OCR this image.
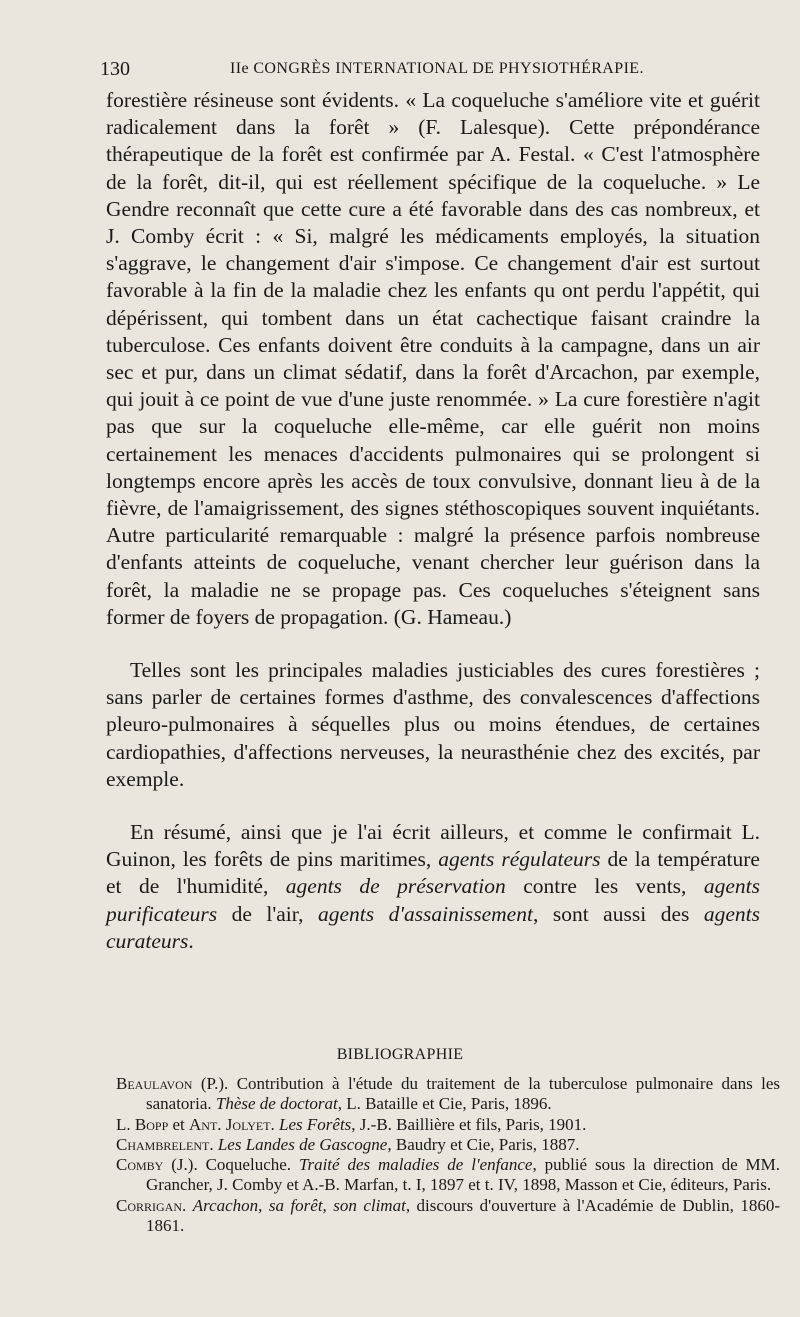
130	IIe CONGRÈS INTERNATIONAL DE PHYSIOTHÉRAPIE.

forestière résineuse sont évidents. « La coqueluche s'améliore vite et guérit radicalement dans la forêt » (F. Lalesque). Cette prépondérance thérapeutique de la forêt est confirmée par A. Festal. « C'est l'atmosphère de la forêt, dit-il, qui est réellement spécifique de la coqueluche. » Le Gendre reconnaît que cette cure a été favorable dans des cas nombreux, et J. Comby écrit : « Si, malgré les médicaments employés, la situation s'aggrave, le changement d'air s'impose. Ce changement d'air est surtout favorable à la fin de la maladie chez les enfants qu ont perdu l'appétit, qui dépérissent, qui tombent dans un état cachectique faisant craindre la tuberculose. Ces enfants doivent être conduits à la campagne, dans un air sec et pur, dans un climat sédatif, dans la forêt d'Arcachon, par exemple, qui jouit à ce point de vue d'une juste renommée. » La cure forestière n'agit pas que sur la coqueluche elle-même, car elle guérit non moins certainement les menaces d'accidents pulmonaires qui se prolongent si longtemps encore après les accès de toux convulsive, donnant lieu à de la fièvre, de l'amaigrissement, des signes stéthoscopiques souvent inquiétants. Autre particularité remarquable : malgré la présence parfois nombreuse d'enfants atteints de coqueluche, venant chercher leur guérison dans la forêt, la maladie ne se propage pas. Ces coqueluches s'éteignent sans former de foyers de propagation. (G. Hameau.)

Telles sont les principales maladies justiciables des cures forestières ; sans parler de certaines formes d'asthme, des convalescences d'affections pleuro-pulmonaires à séquelles plus ou moins étendues, de certaines cardiopathies, d'affections nerveuses, la neurasthénie chez des excités, par exemple.

En résumé, ainsi que je l'ai écrit ailleurs, et comme le confirmait L. Guinon, les forêts de pins maritimes, agents régulateurs de la température et de l'humidité, agents de préservation contre les vents, agents purificateurs de l'air, agents d'assainissement, sont aussi des agents curateurs.

BIBLIOGRAPHIE

Beaulavon (P.). Contribution à l'étude du traitement de la tuberculose pulmonaire dans les sanatoria. Thèse de doctorat, L. Bataille et Cie, Paris, 1896.

L. Bopp et Ant. Jolyet. Les Forêts, J.-B. Baillière et fils, Paris, 1901.

Chambrelent. Les Landes de Gascogne, Baudry et Cie, Paris, 1887.

Comby (J.). Coqueluche. Traité des maladies de l'enfance, publié sous la direction de MM. Grancher, J. Comby et A.-B. Marfan, t. I, 1897 et t. IV, 1898, Masson et Cie, éditeurs, Paris.

Corrigan. Arcachon, sa forêt, son climat, discours d'ouverture à l'Académie de Dublin, 1860-1861.
